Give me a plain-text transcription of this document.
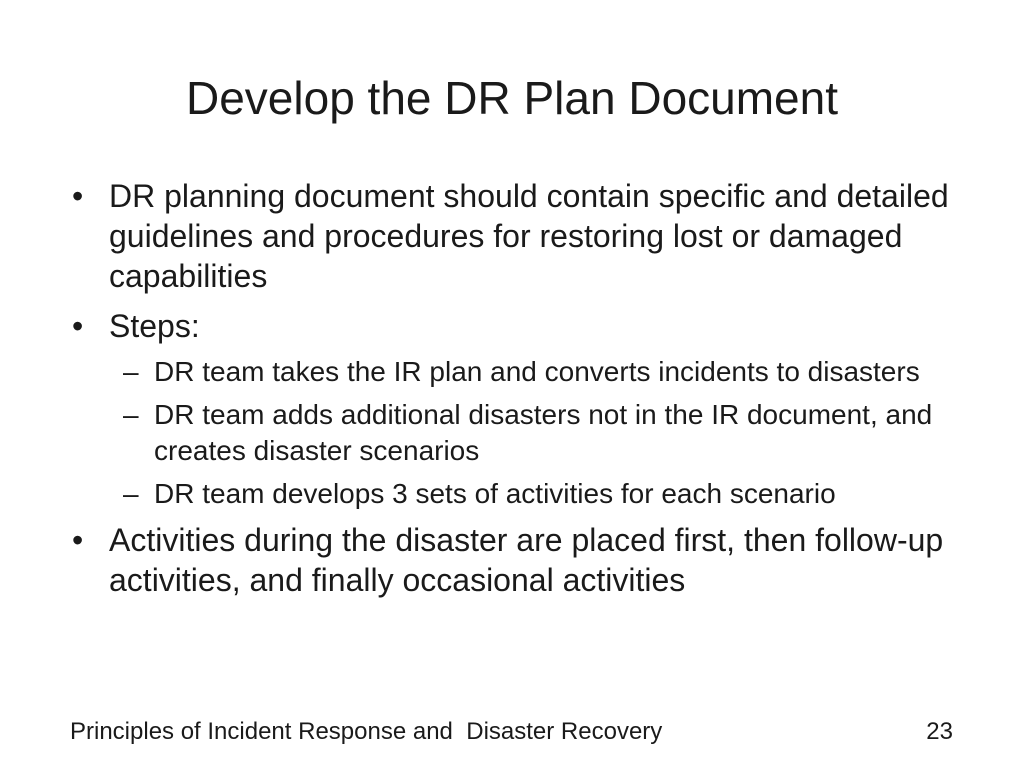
Develop the DR Plan Document
• DR planning document should contain specific and detailed guidelines and procedures for restoring lost or damaged capabilities
• Steps:
– DR team takes the IR plan and converts incidents to disasters
– DR team adds additional disasters not in the IR document, and creates disaster scenarios
– DR team develops 3 sets of activities for each scenario
• Activities during the disaster are placed first, then follow-up activities, and finally occasional activities
Principles of Incident Response and  Disaster Recovery	23
